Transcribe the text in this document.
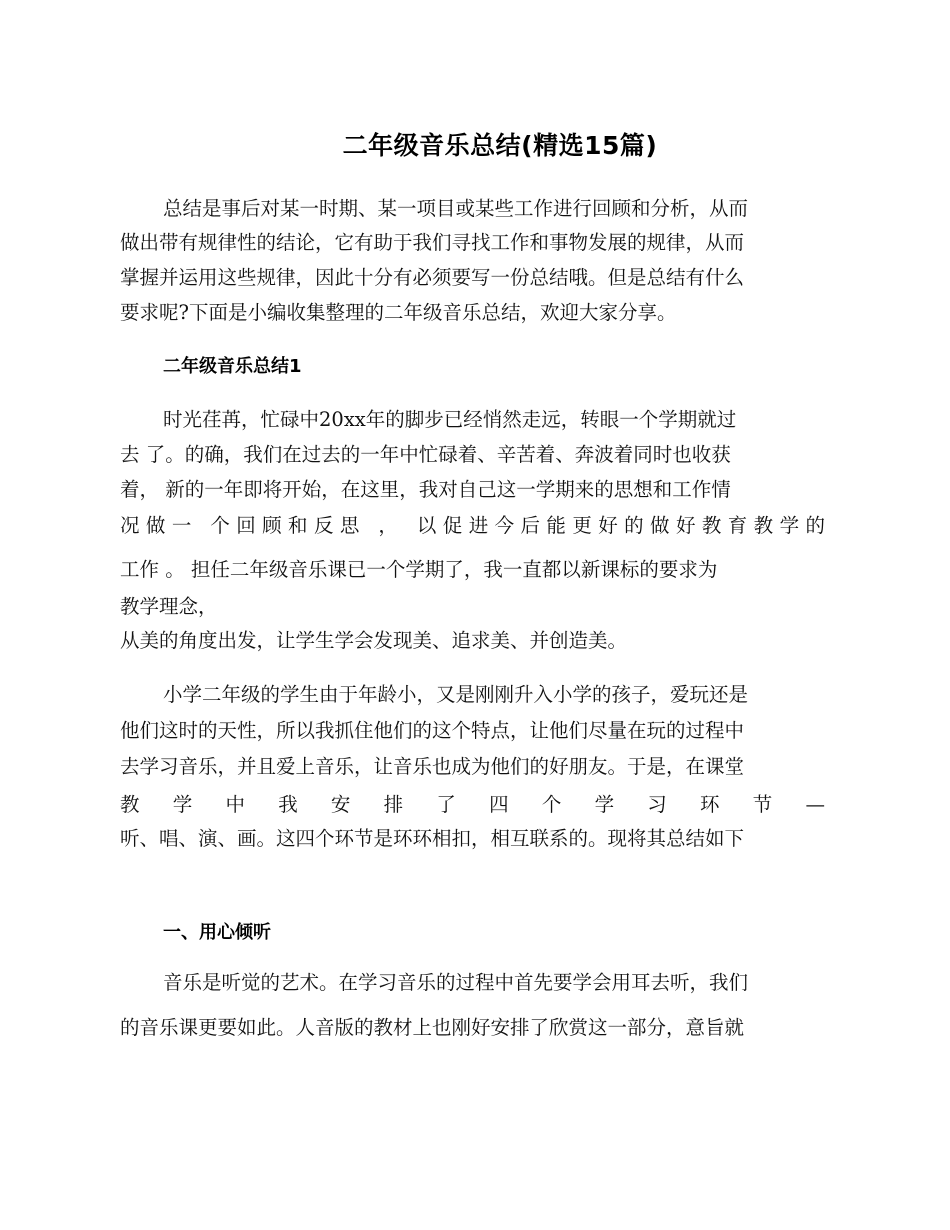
二年级音乐总结(精选15篇)

总结是事后对某一时期、某一项目或某些工作进行回顾和分析，从而

做出带有规律性的结论，它有助于我们寻找工作和事物发展的规律，从而

掌握并运用这些规律，因此十分有必须要写一份总结哦。但是总结有什么

要求呢?下面是小编收集整理的二年级音乐总结，欢迎大家分享。

二年级音乐总结1

时光荏苒，忙碌中20xx年的脚步已经悄然走远，转眼一个学期就过

去 了。的确，我们在过去的一年中忙碌着、辛苦着、奔波着同时也收获

着， 新的一年即将开始，在这里，我对自己这一学期来的思想和工作情

况做一 个回顾和反思 ， 以促进今后能更好的做好教育教学的

工作 。 担任二年级音乐课已一个学期了，我一直都以新课标的要求为

教学理念，

从美的角度出发，让学生学会发现美、追求美、并创造美。

小学二年级的学生由于年龄小，又是刚刚升入小学的孩子，爱玩还是

他们这时的天性，所以我抓住他们的这个特点，让他们尽量在玩的过程中

去学习音乐，并且爱上音乐，让音乐也成为他们的好朋友。于是，在课堂

教 学 中 我 安 排 了 四 个 学 习 环 节 —

听、唱、演、画。这四个环节是环环相扣，相互联系的。现将其总结如下

一、用心倾听

音乐是听觉的艺术。在学习音乐的过程中首先要学会用耳去听，我们

的音乐课更要如此。人音版的教材上也刚好安排了欣赏这一部分，意旨就
